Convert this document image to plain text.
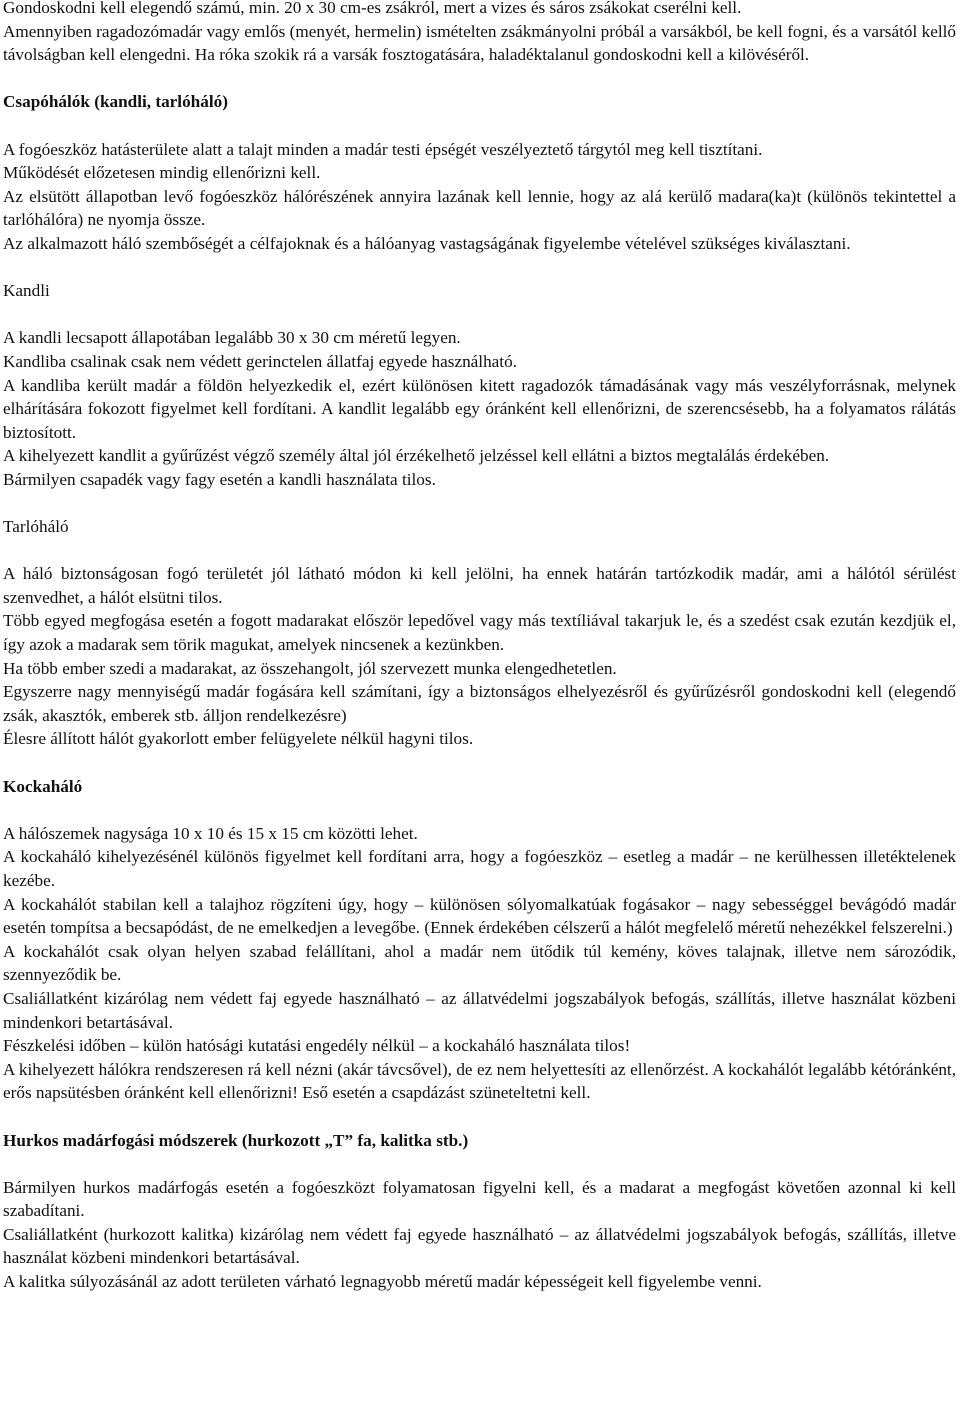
Gondoskodni kell elegendő számú, min. 20 x 30 cm-es zsákról, mert a vizes és sáros zsákokat cserélni kell.

Amennyiben ragadozómadár vagy emlős (menyét, hermelin) ismételten zsákmányolni próbál a varsákból, be kell fogni, és a varsától kellő távolságban kell elengedni. Ha róka szokik rá a varsák fosztogatására, haladéktalanul gondoskodni kell a kilövéséről.

Csapóhálók (kandli, tarlóháló)

A fogóeszköz hatásterülete alatt a talajt minden a madár testi épségét veszélyeztető tárgytól meg kell tisztítani.

Működését előzetesen mindig ellenőrizni kell.

Az elsütött állapotban levő fogóeszköz hálórészének annyira lazának kell lennie, hogy az alá kerülő madara(ka)t (különös tekintettel a tarlóhálóra) ne nyomja össze.

Az alkalmazott háló szembőségét a célfajoknak és a hálóanyag vastagságának figyelembe vételével szükséges kiválasztani.

Kandli

A kandli lecsapott állapotában legalább 30 x 30 cm méretű legyen.

Kandliba csalinak csak nem védett gerinctelen állatfaj egyede használható.

A kandliba került madár a földön helyezkedik el, ezért különösen kitett ragadozók támadásának vagy más veszélyforrásnak, melynek elhárítására fokozott figyelmet kell fordítani. A kandlit legalább egy óránként kell ellenőrizni, de szerencsésebb, ha a folyamatos rálátás biztosított.

A kihelyezett kandlit a gyűrűzést végző személy által jól érzékelhető jelzéssel kell ellátni a biztos megtalálás érdekében.

Bármilyen csapadék vagy fagy esetén a kandli használata tilos.

Tarlóháló

A háló biztonságosan fogó területét jól látható módon ki kell jelölni, ha ennek határán tartózkodik madár, ami a hálótól sérülést szenvedhet, a hálót elsütni tilos.

Több egyed megfogása esetén a fogott madarakat először lepedővel vagy más textíliával takarjuk le, és a szedést csak ezután kezdjük el, így azok a madarak sem törik magukat, amelyek nincsenek a kezünkben.

Ha több ember szedi a madarakat, az összehangolt, jól szervezett munka elengedhetetlen.

Egyszerre nagy mennyiségű madár fogására kell számítani, így a biztonságos elhelyezésről és gyűrűzésről gondoskodni kell (elegendő zsák, akasztók, emberek stb. álljon rendelkezésre)

Élesre állított hálót gyakorlott ember felügyelete nélkül hagyni tilos.

Kockaháló

A hálószemek nagysága 10 x 10 és 15 x 15 cm közötti lehet.

A kockaháló kihelyezésénél különös figyelmet kell fordítani arra, hogy a fogóeszköz – esetleg a madár – ne kerülhessen illetéktelenek kezébe.

A kockahálót stabilan kell a talajhoz rögzíteni úgy, hogy – különösen sólyomalkatúak fogásakor – nagy sebességgel bevágódó madár esetén tompítsa a becsapódást, de ne emelkedjen a levegőbe. (Ennek érdekében célszerű a hálót megfelelő méretű nehezékkel felszerelni.)

A kockahálót csak olyan helyen szabad felállítani, ahol a madár nem ütődik túl kemény, köves talajnak, illetve nem sározódik, szennyeződik be.

Csaliállatként kizárólag nem védett faj egyede használható – az állatvédelmi jogszabályok befogás, szállítás, illetve használat közbeni mindenkori betartásával.

Fészkelési időben – külön hatósági kutatási engedély nélkül – a kockaháló használata tilos!

A kihelyezett hálókra rendszeresen rá kell nézni (akár távcsővel), de ez nem helyettesíti az ellenőrzést. A kockahálót legalább kétóránként, erős napsütésben óránként kell ellenőrizni! Eső esetén a csapdázást szüneteltetni kell.

Hurkos madárfogási módszerek (hurkozott „T” fa, kalitka stb.)

Bármilyen hurkos madárfogás esetén a fogóeszközt folyamatosan figyelni kell, és a madarat a megfogást követően azonnal ki kell szabadítani.

Csaliállatként (hurkozott kalitka) kizárólag nem védett faj egyede használható – az állatvédelmi jogszabályok befogás, szállítás, illetve használat közbeni mindenkori betartásával.

A kalitka súlyozásánál az adott területen várható legnagyobb méretű madár képességeit kell figyelembe venni.
